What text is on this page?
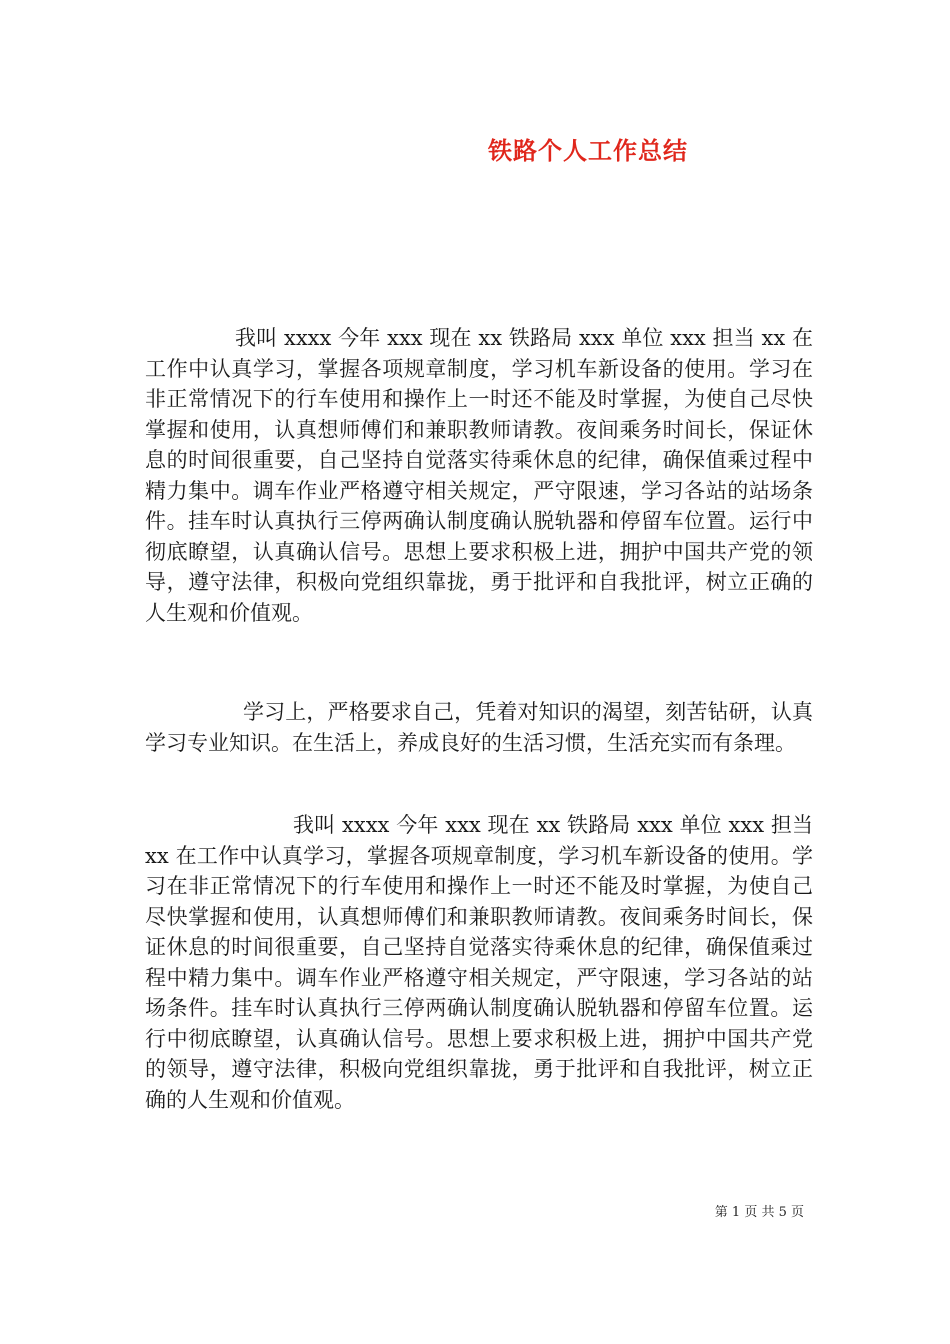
铁路个人工作总结

我叫 xxxx 今年 xxx 现在 xx 铁路局 xxx 单位 xxx 担当 xx 在工作中认真学习，掌握各项规章制度，学习机车新设备的使用。学习在非正常情况下的行车使用和操作上一时还不能及时掌握，为使自己尽快掌握和使用，认真想师傅们和兼职教师请教。夜间乘务时间长，保证休息的时间很重要，自己坚持自觉落实待乘休息的纪律，确保值乘过程中精力集中。调车作业严格遵守相关规定，严守限速，学习各站的站场条件。挂车时认真执行三停两确认制度确认脱轨器和停留车位置。运行中彻底瞭望，认真确认信号。思想上要求积极上进，拥护中国共产党的领导，遵守法律，积极向党组织靠拢，勇于批评和自我批评，树立正确的人生观和价值观。

学习上，严格要求自己，凭着对知识的渴望，刻苦钻研，认真学习专业知识。在生活上，养成良好的生活习惯，生活充实而有条理。

我叫 xxxx 今年 xxx 现在 xx 铁路局 xxx 单位 xxx 担当 xx 在工作中认真学习，掌握各项规章制度，学习机车新设备的使用。学习在非正常情况下的行车使用和操作上一时还不能及时掌握，为使自己尽快掌握和使用，认真想师傅们和兼职教师请教。夜间乘务时间长，保证休息的时间很重要，自己坚持自觉落实待乘休息的纪律，确保值乘过程中精力集中。调车作业严格遵守相关规定，严守限速，学习各站的站场条件。挂车时认真执行三停两确认制度确认脱轨器和停留车位置。运行中彻底瞭望，认真确认信号。思想上要求积极上进，拥护中国共产党的领导，遵守法律，积极向党组织靠拢，勇于批评和自我批评，树立正确的人生观和价值观。

第 1 页 共 5 页
